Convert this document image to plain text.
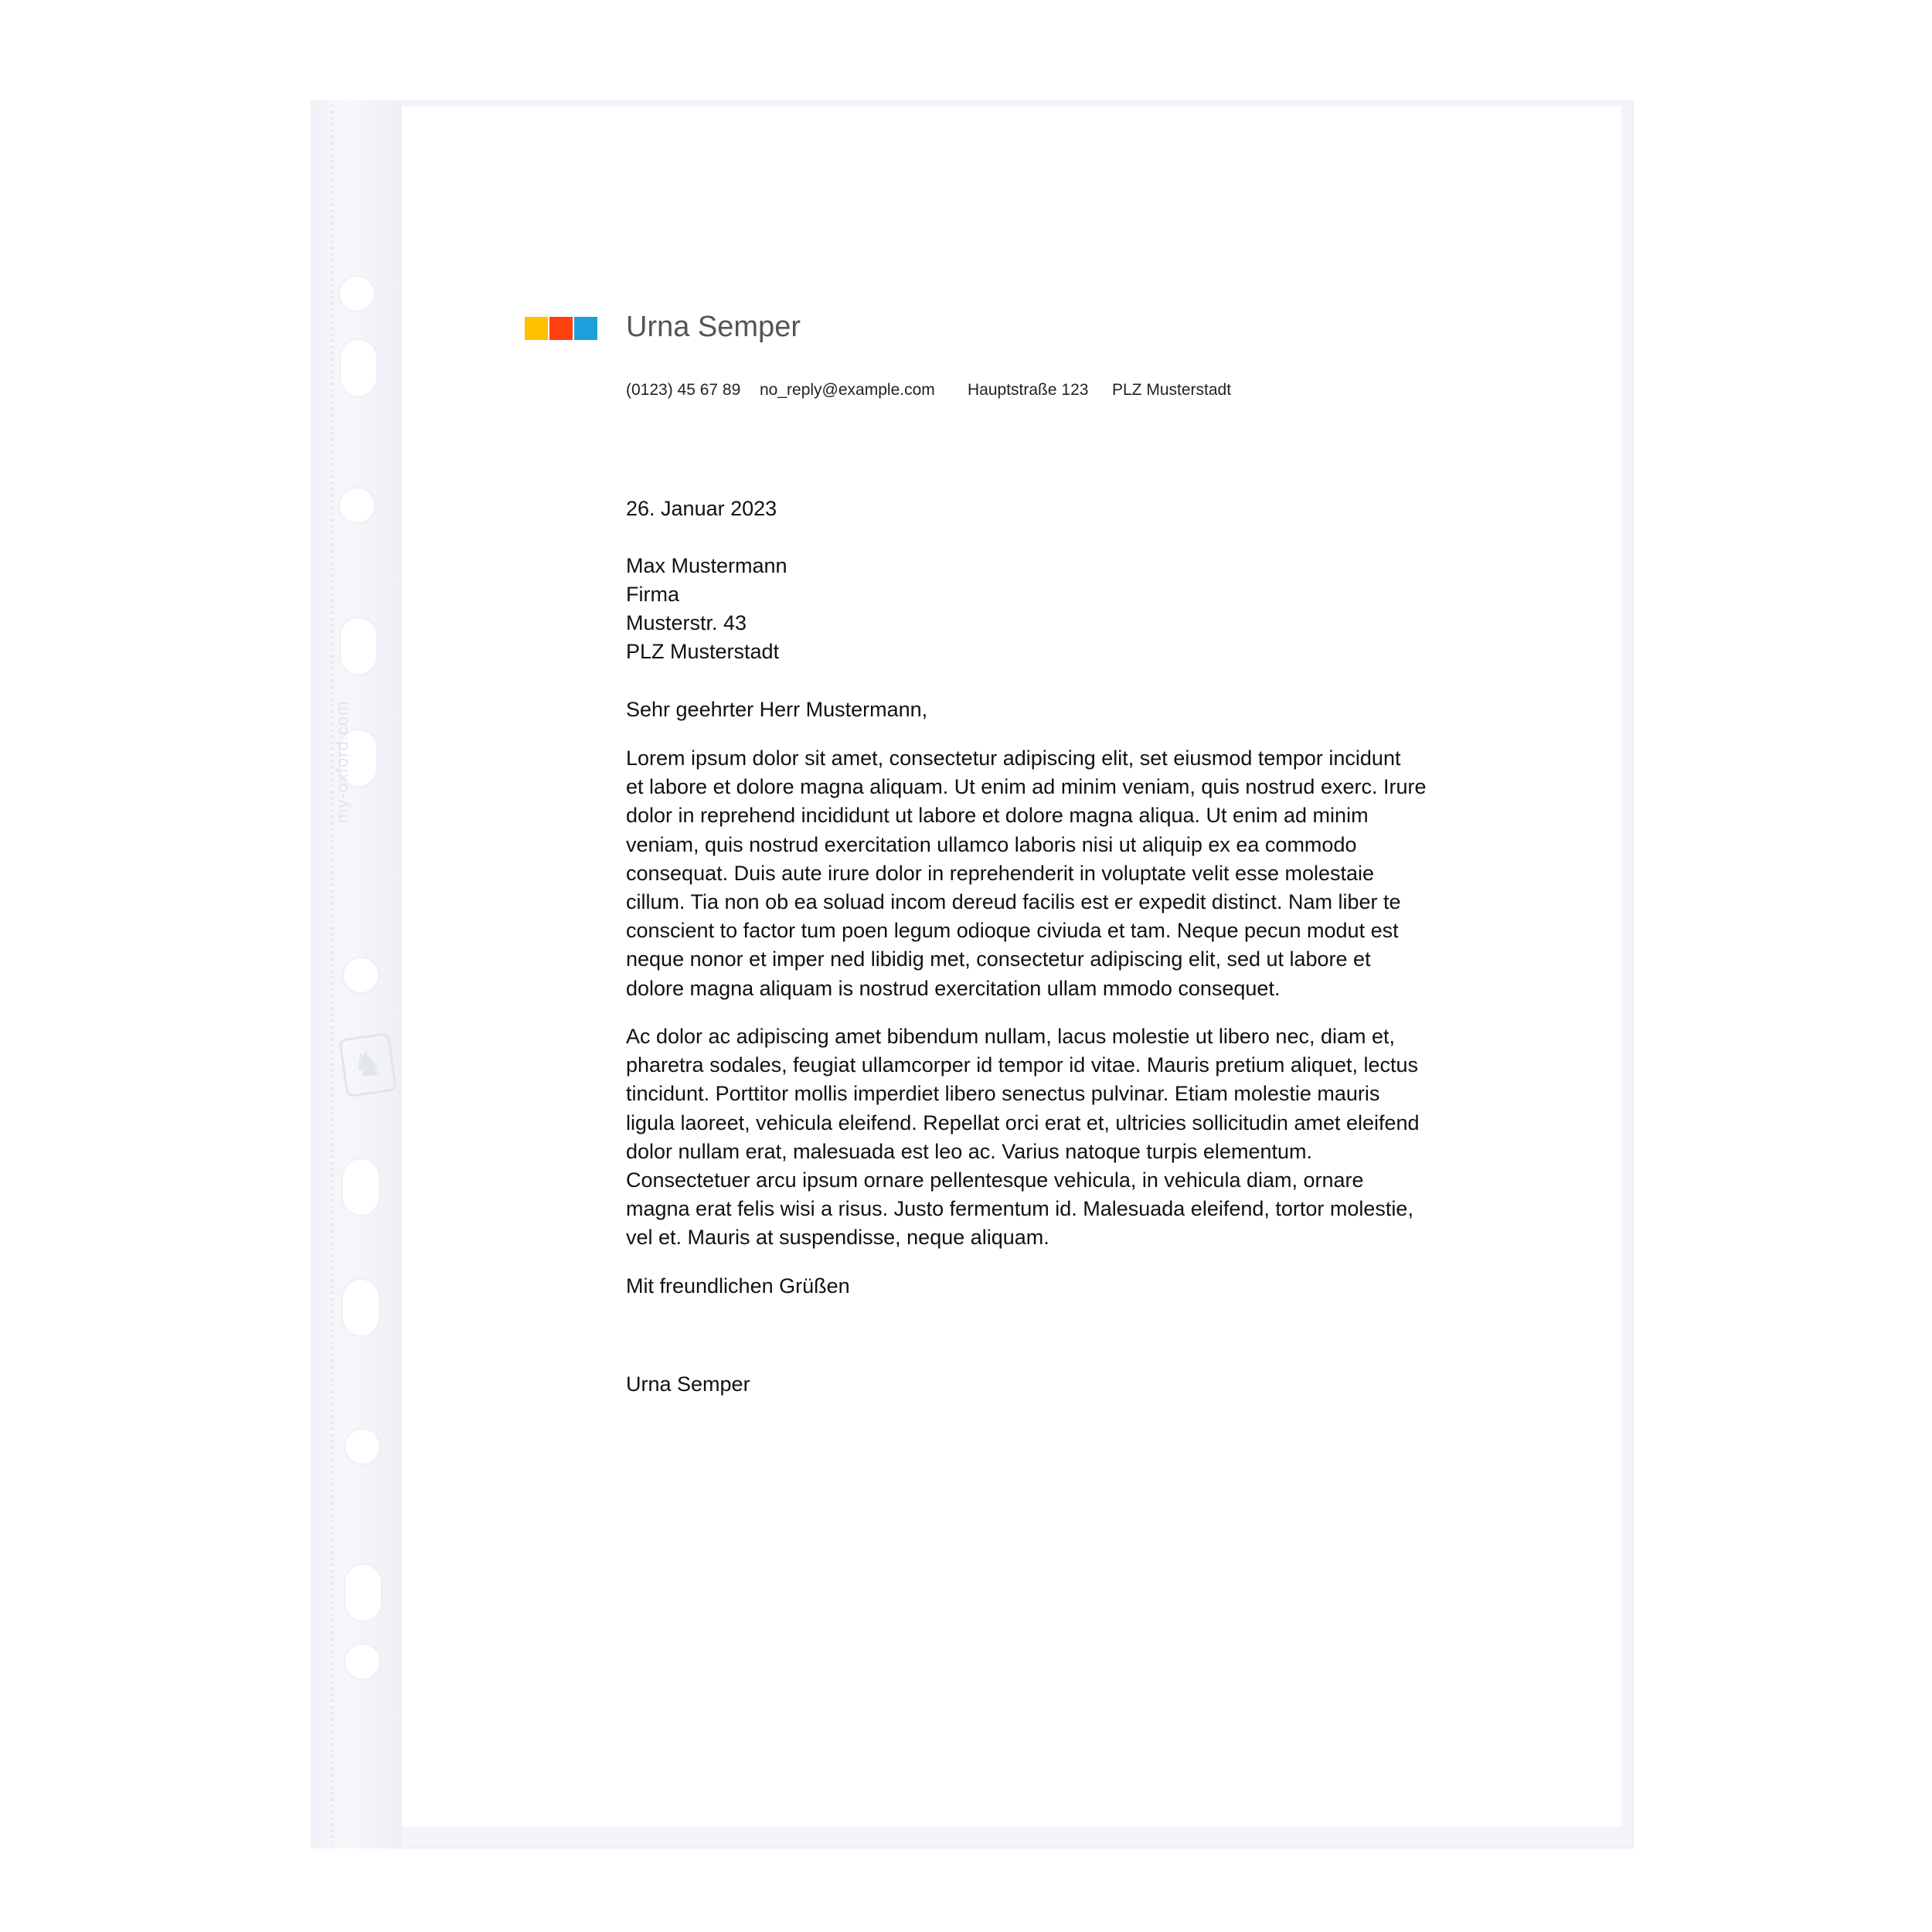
my-oxford.com
♞
Urna Semper
(0123) 45 67 89 no_reply@example.com Hauptstraße 123 PLZ Musterstadt
26. Januar 2023
Max Mustermann
Firma
Musterstr. 43
PLZ Musterstadt
Sehr geehrter Herr Mustermann,
Lorem ipsum dolor sit amet, consectetur adipiscing elit, set eiusmod tempor incidunt
et labore et dolore magna aliquam. Ut enim ad minim veniam, quis nostrud exerc. Irure
dolor in reprehend incididunt ut labore et dolore magna aliqua. Ut enim ad minim
veniam, quis nostrud exercitation ullamco laboris nisi ut aliquip ex ea commodo
consequat. Duis aute irure dolor in reprehenderit in voluptate velit esse molestaie
cillum. Tia non ob ea soluad incom dereud facilis est er expedit distinct. Nam liber te
conscient to factor tum poen legum odioque civiuda et tam. Neque pecun modut est
neque nonor et imper ned libidig met, consectetur adipiscing elit, sed ut labore et
dolore magna aliquam is nostrud exercitation ullam mmodo consequet.
Ac dolor ac adipiscing amet bibendum nullam, lacus molestie ut libero nec, diam et,
pharetra sodales, feugiat ullamcorper id tempor id vitae. Mauris pretium aliquet, lectus
tincidunt. Porttitor mollis imperdiet libero senectus pulvinar. Etiam molestie mauris
ligula laoreet, vehicula eleifend. Repellat orci erat et, ultricies sollicitudin amet eleifend
dolor nullam erat, malesuada est leo ac. Varius natoque turpis elementum.
Consectetuer arcu ipsum ornare pellentesque vehicula, in vehicula diam, ornare
magna erat felis wisi a risus. Justo fermentum id. Malesuada eleifend, tortor molestie,
vel et. Mauris at suspendisse, neque aliquam.
Mit freundlichen Grüßen
Urna Semper
